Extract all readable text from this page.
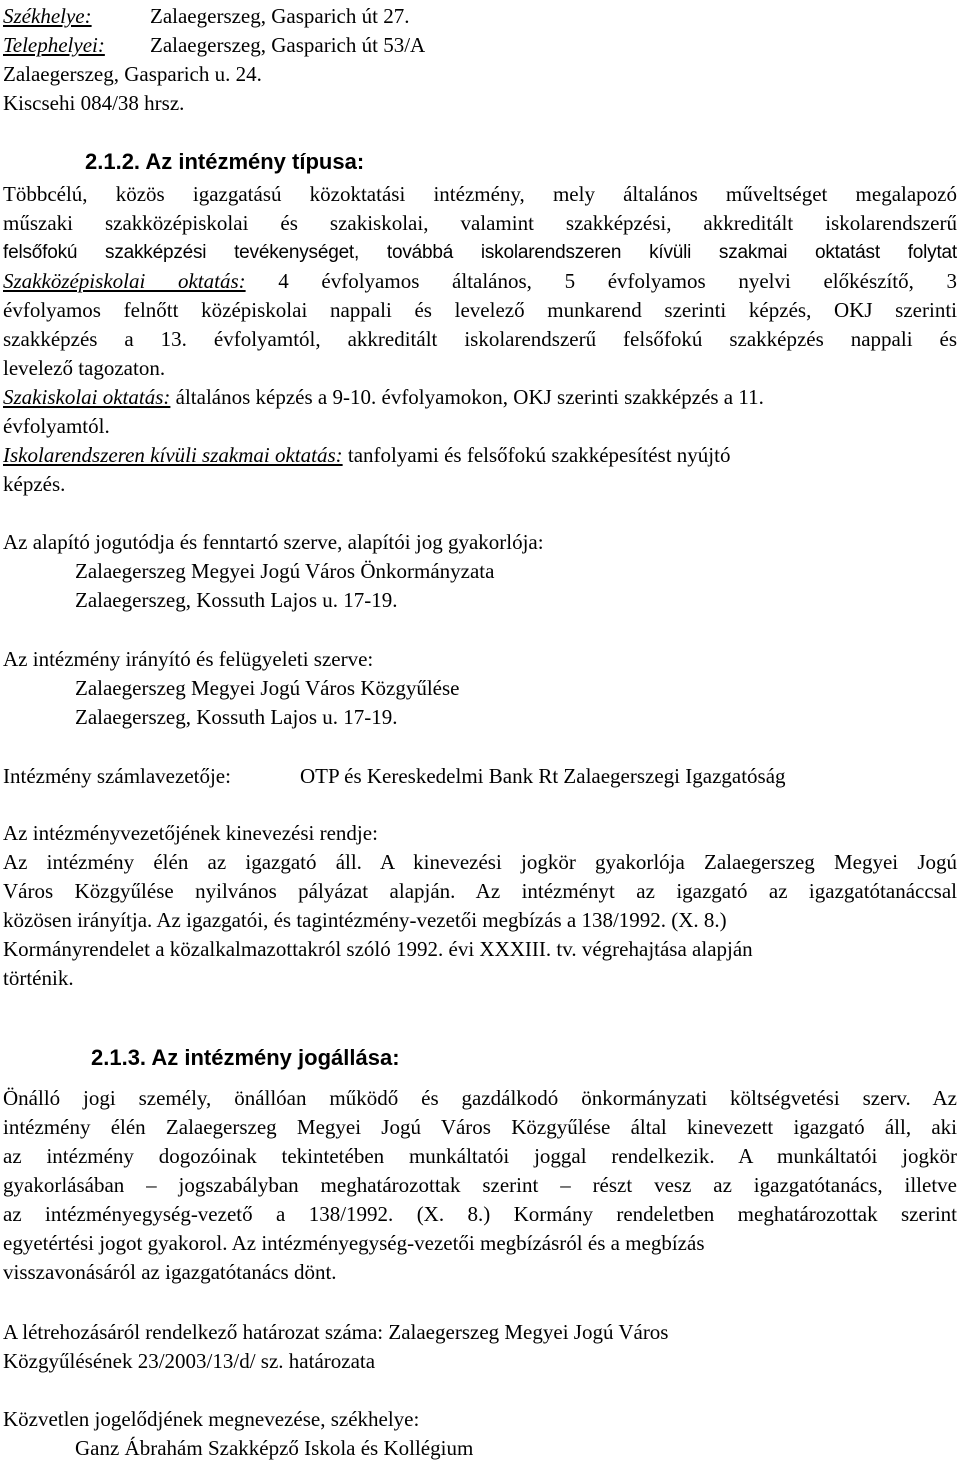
Székhelye:	Zalaegerszeg, Gasparich út 27.
Telephelyei: Zalaegerszeg, Gasparich út 53/A
Zalaegerszeg, Gasparich u. 24.
Kiscsehi 084/38 hrsz.
2.1.2. Az intézmény típusa:
Többcélú, közös igazgatású közoktatási intézmény, mely általános műveltséget megalapozó
műszaki szakközépiskolai és szakiskolai, valamint szakképzési, akkreditált iskolarendszerű
felsőfokú szakképzési tevékenységet, továbbá iskolarendszeren kívüli szakmai oktatást folytat
Szakközépiskolai oktatás: 4 évfolyamos általános, 5 évfolyamos nyelvi előkészítő, 3
évfolyamos felnőtt középiskolai nappali és levelező munkarend szerinti képzés, OKJ szerinti
szakképzés a 13. évfolyamtól, akkreditált iskolarendszerű felsőfokú szakképzés nappali és
levelező tagozaton.
Szakiskolai oktatás: általános képzés a 9-10. évfolyamokon, OKJ szerinti szakképzés a 11.
évfolyamtól.
Iskolarendszeren kívüli szakmai oktatás: tanfolyami és felsőfokú szakképesítést nyújtó
képzés.
Az alapító jogutódja és fenntartó szerve, alapítói jog gyakorlója:
Zalaegerszeg Megyei Jogú Város Önkormányzata
Zalaegerszeg, Kossuth Lajos u. 17-19.
Az intézmény irányító és felügyeleti szerve:
Zalaegerszeg Megyei Jogú Város Közgyűlése
Zalaegerszeg, Kossuth Lajos u. 17-19.
Intézmény számlavezetője:	OTP és Kereskedelmi Bank Rt Zalaegerszegi Igazgatóság
Az intézményvezetőjének kinevezési rendje:
Az intézmény élén az igazgató áll. A kinevezési jogkör gyakorlója Zalaegerszeg Megyei Jogú
Város Közgyűlése nyilvános pályázat alapján. Az intézményt az igazgató az igazgatótanáccsal
közösen irányítja. Az igazgatói, és tagintézmény-vezetői megbízás a 138/1992. (X. 8.)
Kormányrendelet a közalkalmazottakról szóló 1992. évi XXXIII. tv. végrehajtása alapján
történik.
2.1.3. Az intézmény jogállása:
Önálló jogi személy, önállóan működő és gazdálkodó önkormányzati költségvetési szerv. Az
intézmény élén Zalaegerszeg Megyei Jogú Város Közgyűlése által kinevezett igazgató áll, aki
az intézmény dogozóinak tekintetében munkáltatói joggal rendelkezik. A munkáltatói jogkör
gyakorlásában – jogszabályban meghatározottak szerint – részt vesz az igazgatótanács, illetve
az intézményegység-vezető a 138/1992. (X. 8.) Kormány rendeletben meghatározottak szerint
egyetértési jogot gyakorol. Az intézményegység-vezetői megbízásról és a megbízás
visszavonásáról az igazgatótanács dönt.
A létrehozásáról rendelkező határozat száma: Zalaegerszeg Megyei Jogú Város
Közgyűlésének 23/2003/13/d/ sz. határozata
Közvetlen jogelődjének megnevezése, székhelye:
Ganz Ábrahám Szakképző Iskola és Kollégium
